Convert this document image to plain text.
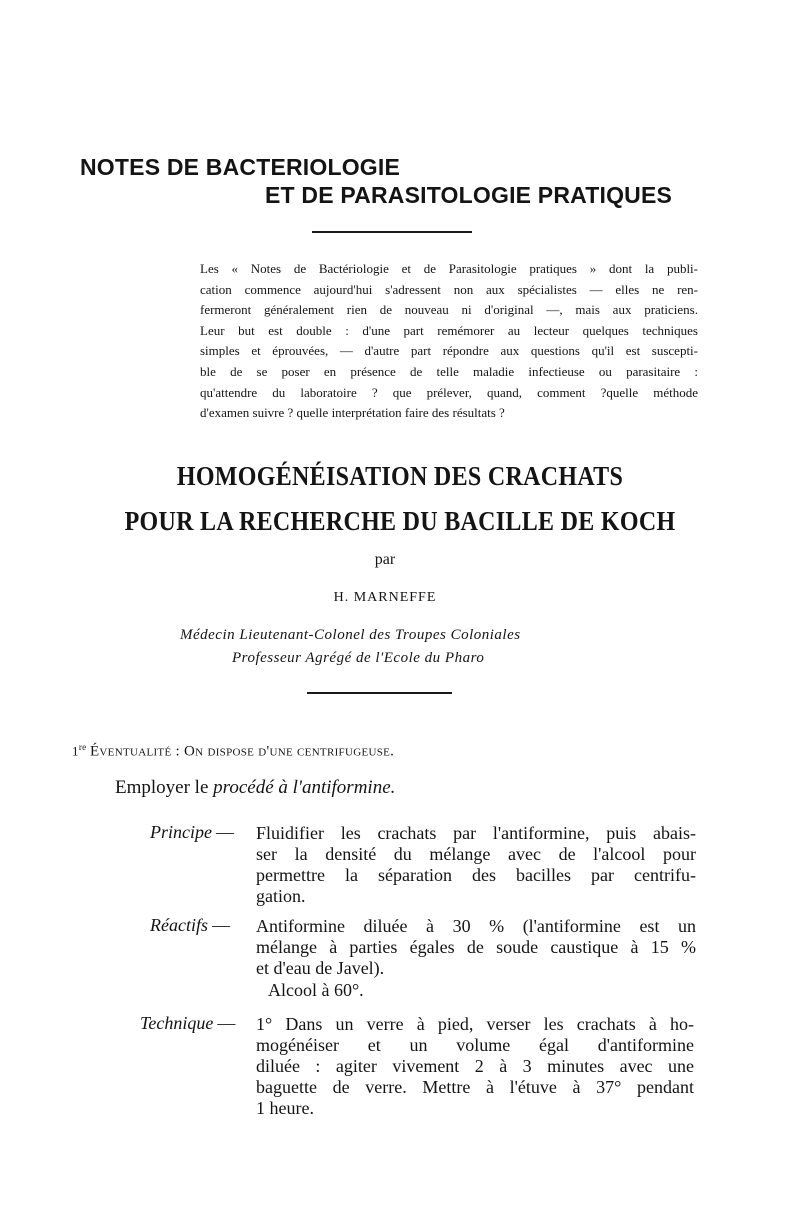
NOTES DE BACTERIOLOGIE
ET DE PARASITOLOGIE PRATIQUES
Les « Notes de Bactériologie et de Parasitologie pratiques » dont la publi-
cation commence aujourd'hui s'adressent non aux spécialistes — elles ne ren-
fermeront généralement rien de nouveau ni d'original —, mais aux praticiens.
Leur but est double : d'une part remémorer au lecteur quelques techniques
simples et éprouvées, — d'autre part répondre aux questions qu'il est suscepti-
ble de se poser en présence de telle maladie infectieuse ou parasitaire :
qu'attendre du laboratoire ? que prélever, quand, comment ?quelle méthode
d'examen suivre ? quelle interprétation faire des résultats ?
HOMOGÉNÉISATION DES CRACHATS
POUR LA RECHERCHE DU BACILLE DE KOCH
par
H. MARNEFFE
Médecin Lieutenant-Colonel des Troupes Coloniales
Professeur Agrégé de l'Ecole du Pharo
1re Éventualité : On dispose d'une centrifugeuse.
Employer le procédé à l'antiformine.
Principe — Fluidifier les crachats par l'antiformine, puis abais-
ser la densité du mélange avec de l'alcool pour
permettre la séparation des bacilles par centrifu-
gation.
Réactifs — Antiformine diluée à 30 % (l'antiformine est un
mélange à parties égales de soude caustique à 15 %
et d'eau de Javel).
Alcool à 60°.
Technique — 1° Dans un verre à pied, verser les crachats à ho-
mogénéiser et un volume égal d'antiformine
diluée : agiter vivement 2 à 3 minutes avec une
baguette de verre. Mettre à l'étuve à 37° pendant
1 heure.
